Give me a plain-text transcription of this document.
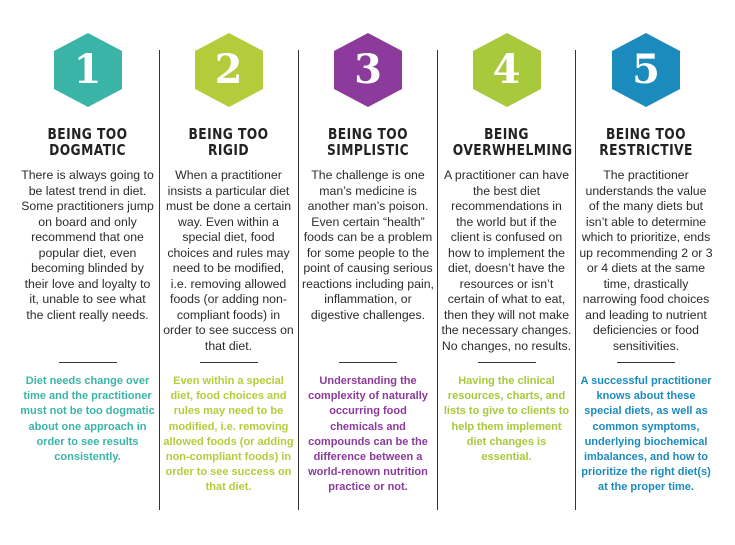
1
BEING TOO
DOGMATIC
There is always going to be latest trend in diet. Some practitioners jump on board and only recommend that one popular diet, even becoming blinded by their love and loyalty to it, unable to see what the client really needs.
Diet needs change over time and the practitioner must not be too dogmatic about one approach in order to see results consistently.
2
BEING TOO
RIGID
When a practitioner insists a particular diet must be done a certain way. Even within a special diet, food choices and rules may need to be modified, i.e. removing allowed foods (or adding non-compliant foods) in order to see success on that diet.
Even within a special diet, food choices and rules may need to be modified, i.e. removing allowed foods (or adding non-compliant foods) in order to see success on that diet.
3
BEING TOO
SIMPLISTIC
The challenge is one man’s medicine is another man’s poison. Even certain “health” foods can be a problem for some people to the point of causing serious reactions including pain, inflammation, or digestive challenges.
Understanding the complexity of naturally occurring food chemicals and compounds can be the difference between a world-renown nutrition practice or not.
4
BEING
OVERWHELMING
A practitioner can have the best diet recommendations in the world but if the client is confused on how to implement the diet, doesn’t have the resources or isn’t certain of what to eat, then they will not make the necessary changes. No changes, no results.
Having the clinical resources, charts, and lists to give to clients to help them implement diet changes is essential.
5
BEING TOO
RESTRICTIVE
The practitioner understands the value of the many diets but isn’t able to determine which to prioritize, ends up recommending 2 or 3 or 4 diets at the same time, drastically narrowing food choices and leading to nutrient deficiencies or food sensitivities.
A successful practitioner knows about these special diets, as well as common symptoms, underlying biochemical imbalances, and how to prioritize the right diet(s) at the proper time.
